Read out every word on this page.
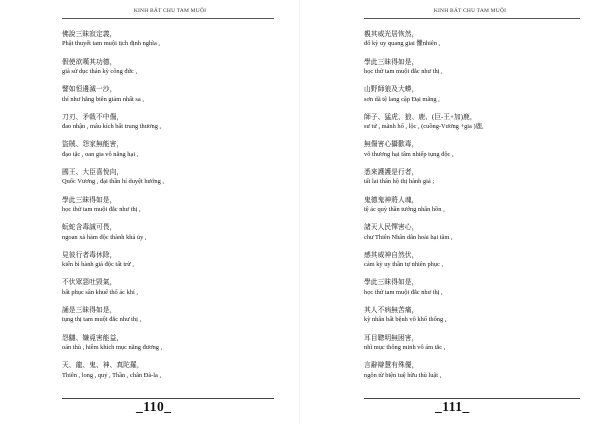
KINH BÁT CHU TAM MUỘI
佛說三昧寂定義，
Phật thuyết tam muội tịch định nghĩa ,
假使欲嘆其功德，
giả sử dục thán kỳ công đức ,
譬如恒邊滅一沙，
thí như hằng biên giảm nhất sa ,
刀刃、矛戟不中傷，
đao nhận , mâu kích bất trung thương ,
盜賊、怨家無能害，
đạo tặc , oan gia vô năng hại ,
國王、大臣喜悅向，
Quốc Vương , đại thần hỉ duyệt hướng ,
學此三昧得如是，
học thử tam muội đắc như thị ,
蚖蛇含毒誠可畏，
ngoan xà hàm độc thành khả úy ,
見彼行者毒休除，
kiến bỉ hành giả độc tất trừ ,
不伏眾惡吐毀氣，
bất phục sân khuể thổ ác khí ,
誦是三昧得如是，
tụng thị tam muội đắc như thị ,
怨讎、嫌覓害能益，
oán thù , hiềm khích mục năng đương ,
天、龍、鬼、神、真陀羅，
Thiên , long , quỷ , Thần , chân Đà-la ,
_110_
KINH BÁT CHU TAM MUỘI
覩其威光居恢然，
đổ kỳ uy quang giai 懼nhiên ,
學此三昧得如是，
học thử tam muội đắc như thị ,
山野師狼及大蟒，
sơn dã tệ lang cập Đại mãng ,
師子、猛虎、狼、鹿、(巨-王+加)鹿，
sư tử , mãnh hổ , lộc , (cuồng-Vương +gia )鹿,
無傷害心攝歡毒，
vô thương hại tâm nhiếp tụng độc ,
悉來護護是行者，
tất lai thân hộ thị hành giả ;
鬼德鬼神將人魂，
tệ ác quỷ thần tướng nhân hồn ,
諸天人民憚害心，
chư Thiên Nhân dân hoài hại tâm ,
感其威神自然伏，
cảm kỳ uy thần tự nhiên phục ,
學此三昧得如是，
học thử tam muội đắc như thị ,
其人不病無苦痛，
kỳ nhân bất bệnh vô khổ thống ,
耳目聰明無困害，
nhĩ mục thông minh vô ám tắc ,
言辭辯慧有殊優，
ngôn từ biện tuệ hữu thù luật ,
_111_
